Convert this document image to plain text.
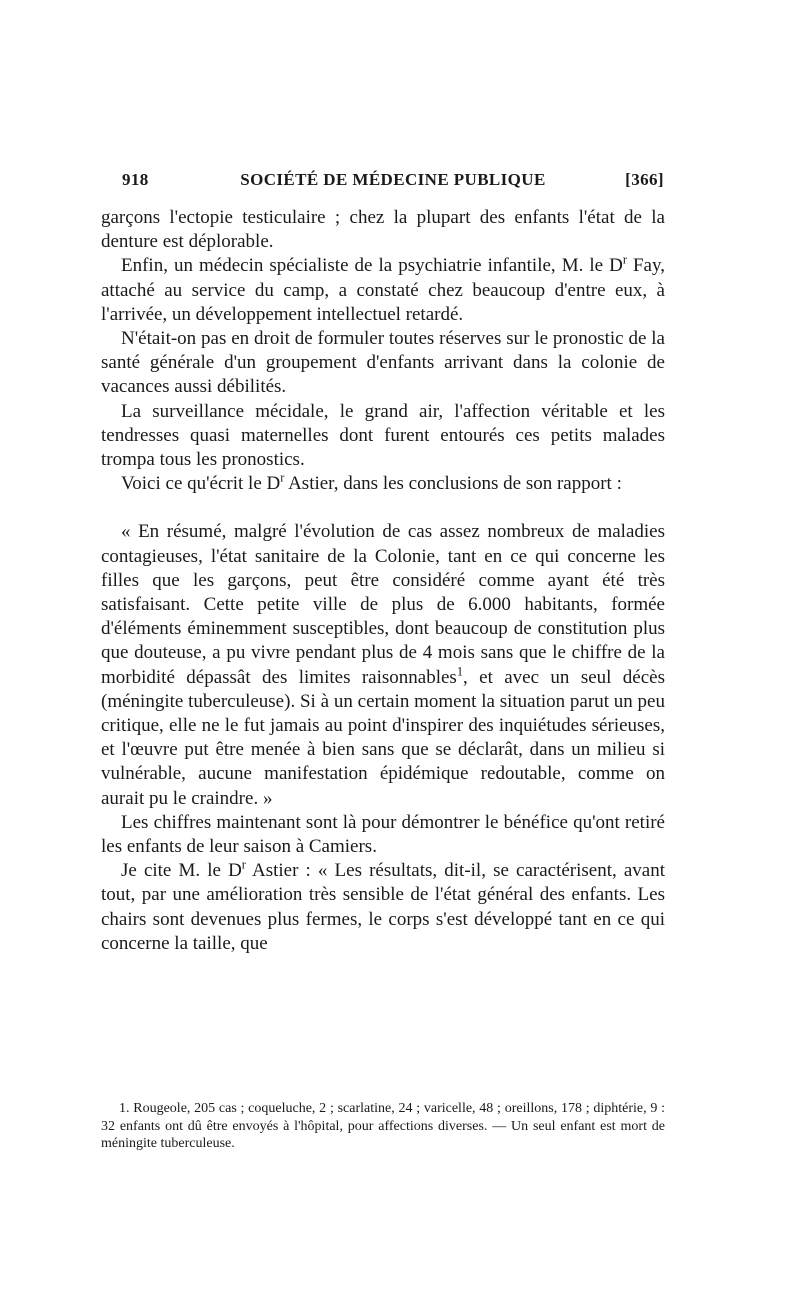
918	SOCIÉTÉ DE MÉDECINE PUBLIQUE	[366]

garçons l'ectopie testiculaire ; chez la plupart des enfants l'état de la denture est déplorable.

Enfin, un médecin spécialiste de la psychiatrie infantile, M. le $D^r$ Fay, attaché au service du camp, a constaté chez beaucoup d'entre eux, à l'arrivée, un développement intellectuel retardé.

N'était-on pas en droit de formuler toutes réserves sur le pronostic de la santé générale d'un groupement d'enfants arrivant dans la colonie de vacances aussi débilités.

La surveillance mécidale, le grand air, l'affection véritable et les tendresses quasi maternelles dont furent entourés ces petits malades trompa tous les pronostics.

Voici ce qu'écrit le $D^r$ Astier, dans les conclusions de son rapport :

« En résumé, malgré l'évolution de cas assez nombreux de maladies contagieuses, l'état sanitaire de la Colonie, tant en ce qui concerne les filles que les garçons, peut être considéré comme ayant été très satisfaisant. Cette petite ville de plus de 6.000 habitants, formée d'éléments éminemment susceptibles, dont beaucoup de constitution plus que douteuse, a pu vivre pendant plus de 4 mois sans que le chiffre de la morbidité dépassât des limites raisonnables$^1$, et avec un seul décès (méningite tuberculeuse). Si à un certain moment la situation parut un peu critique, elle ne le fut jamais au point d'inspirer des inquiétudes sérieuses, et l'œuvre put être menée à bien sans que se déclarât, dans un milieu si vulnérable, aucune manifestation épidémique redoutable, comme on aurait pu le craindre. »

Les chiffres maintenant sont là pour démontrer le bénéfice qu'ont retiré les enfants de leur saison à Camiers.

Je cite M. le $D^r$ Astier : « Les résultats, dit-il, se caractérisent, avant tout, par une amélioration très sensible de l'état général des enfants. Les chairs sont devenues plus fermes, le corps s'est développé tant en ce qui concerne la taille, que

1. Rougeole, 205 cas ; coqueluche, 2 ; scarlatine, 24 ; varicelle, 48 ; oreillons, 178 ; diphtérie, 9 : 32 enfants ont dû être envoyés à l'hôpital, pour affections diverses. — Un seul enfant est mort de méningite tuberculeuse.
